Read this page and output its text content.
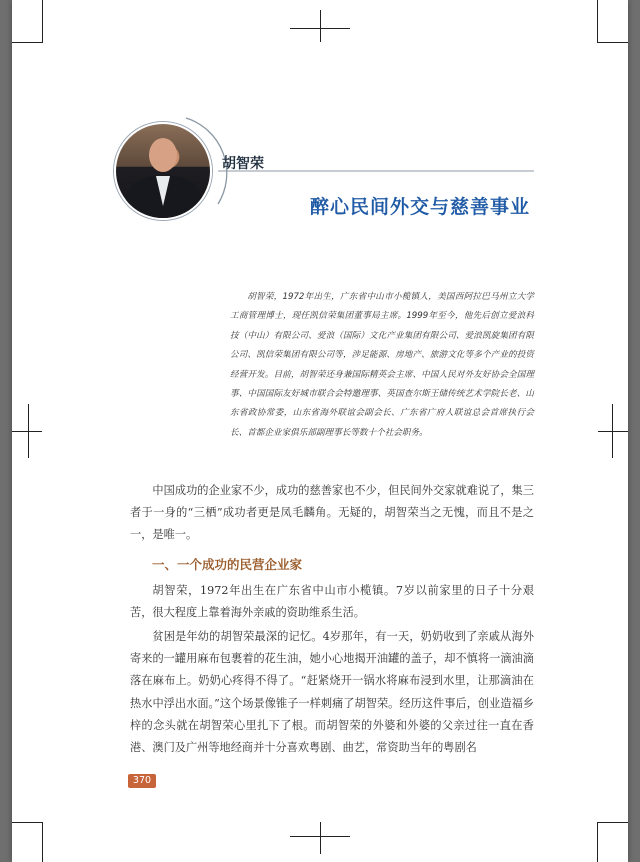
胡智荣
醉心民间外交与慈善事业
胡智荣，1972年出生，广东省中山市小榄镇人，美国西阿拉巴马州立大学工商管理博士，现任凯信荣集团董事局主席。1999年至今，他先后创立爱浪科技（中山）有限公司、爱浪（国际）文化产业集团有限公司、爱浪凯旋集团有限公司、凯信荣集团有限公司等，涉足能源、房地产、旅游文化等多个产业的投资经营开发。目前，胡智荣还身兼国际精英会主席、中国人民对外友好协会全国理事、中国国际友好城市联合会特邀理事、英国查尔斯王储传统艺术学院长老、山东省政协常委，山东省海外联谊会副会长、广东省广府人联谊总会首席执行会长、首都企业家俱乐部副理事长等数十个社会职务。
中国成功的企业家不少，成功的慈善家也不少，但民间外交家就难说了，集三者于一身的“三栖”成功者更是凤毛麟角。无疑的，胡智荣当之无愧，而且不是之一，是唯一。
一、一个成功的民营企业家
胡智荣，1972年出生在广东省中山市小榄镇。7岁以前家里的日子十分艰苦，很大程度上靠着海外亲戚的资助维系生活。
贫困是年幼的胡智荣最深的记忆。4岁那年，有一天，奶奶收到了亲戚从海外寄来的一罐用麻布包裹着的花生油，她小心地揭开油罐的盖子，却不慎将一滴油滴落在麻布上。奶奶心疼得不得了。“赶紧烧开一锅水将麻布浸到水里，让那滴油在热水中浮出水面。”这个场景像锥子一样刺痛了胡智荣。经历这件事后，创业造福乡梓的念头就在胡智荣心里扎下了根。而胡智荣的外婆和外婆的父亲过往一直在香港、澳门及广州等地经商并十分喜欢粤剧、曲艺，常资助当年的粤剧名
370
